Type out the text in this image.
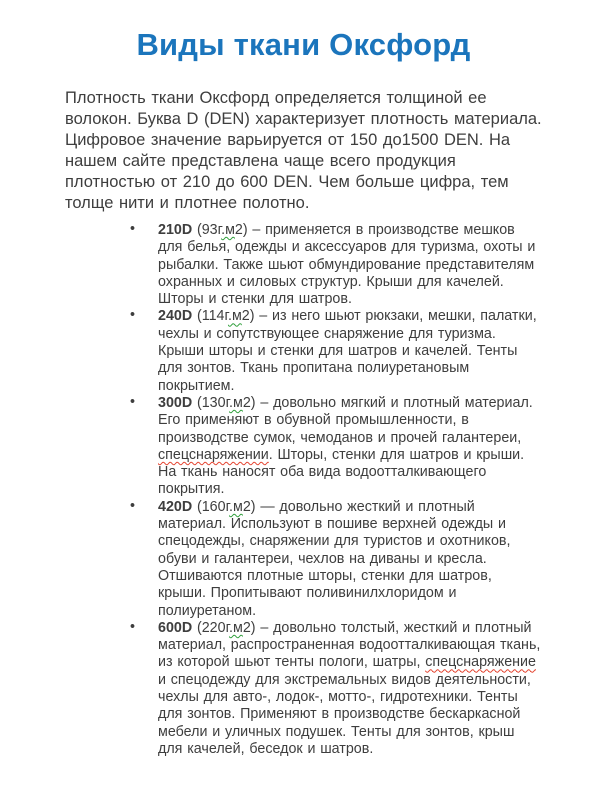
Виды ткани Оксфорд

Плотность ткани Оксфорд определяется толщиной ее волокон. Буква D (DEN) характеризует плотность материала. Цифровое значение варьируется от 150 до1500 DEN. На нашем сайте представлена чаще всего продукция плотностью от 210 до 600 DEN. Чем больше цифра, тем толще нити и плотнее полотно.

•	210D (93г.м2) – применяется в производстве мешков для белья, одежды и аксессуаров для туризма, охоты и рыбалки. Также шьют обмундирование представителям охранных и силовых структур. Крыши для качелей. Шторы и стенки для шатров.
•	240D (114г.м2) – из него шьют рюкзаки, мешки, палатки, чехлы и сопутствующее снаряжение для туризма. Крыши шторы и стенки для шатров и качелей. Тенты для зонтов. Ткань пропитана полиуретановым покрытием.
•	300D (130г.м2) – довольно мягкий и плотный материал. Его применяют в обувной промышленности, в производстве сумок, чемоданов и прочей галантереи, спецснаряжении. Шторы, стенки для шатров и крыши. На ткань наносят оба вида водоотталкивающего покрытия.
•	420D (160г.м2) — довольно жесткий и плотный материал. Используют в пошиве верхней одежды и спецодежды, снаряжении для туристов и охотников, обуви и галантереи, чехлов на диваны и кресла. Отшиваются плотные шторы, стенки для шатров, крыши. Пропитывают поливинилхлоридом и полиуретаном.
•	600D (220г.м2) – довольно толстый, жесткий и плотный материал, распространенная водоотталкивающая ткань, из которой шьют тенты пологи, шатры, спецснаряжение и спецодежду для экстремальных видов деятельности, чехлы для авто-, лодок-, мотто-, гидротехники. Тенты для зонтов. Применяют в производстве бескаркасной мебели и уличных подушек. Тенты для зонтов, крыш для качелей, беседок и шатров.
